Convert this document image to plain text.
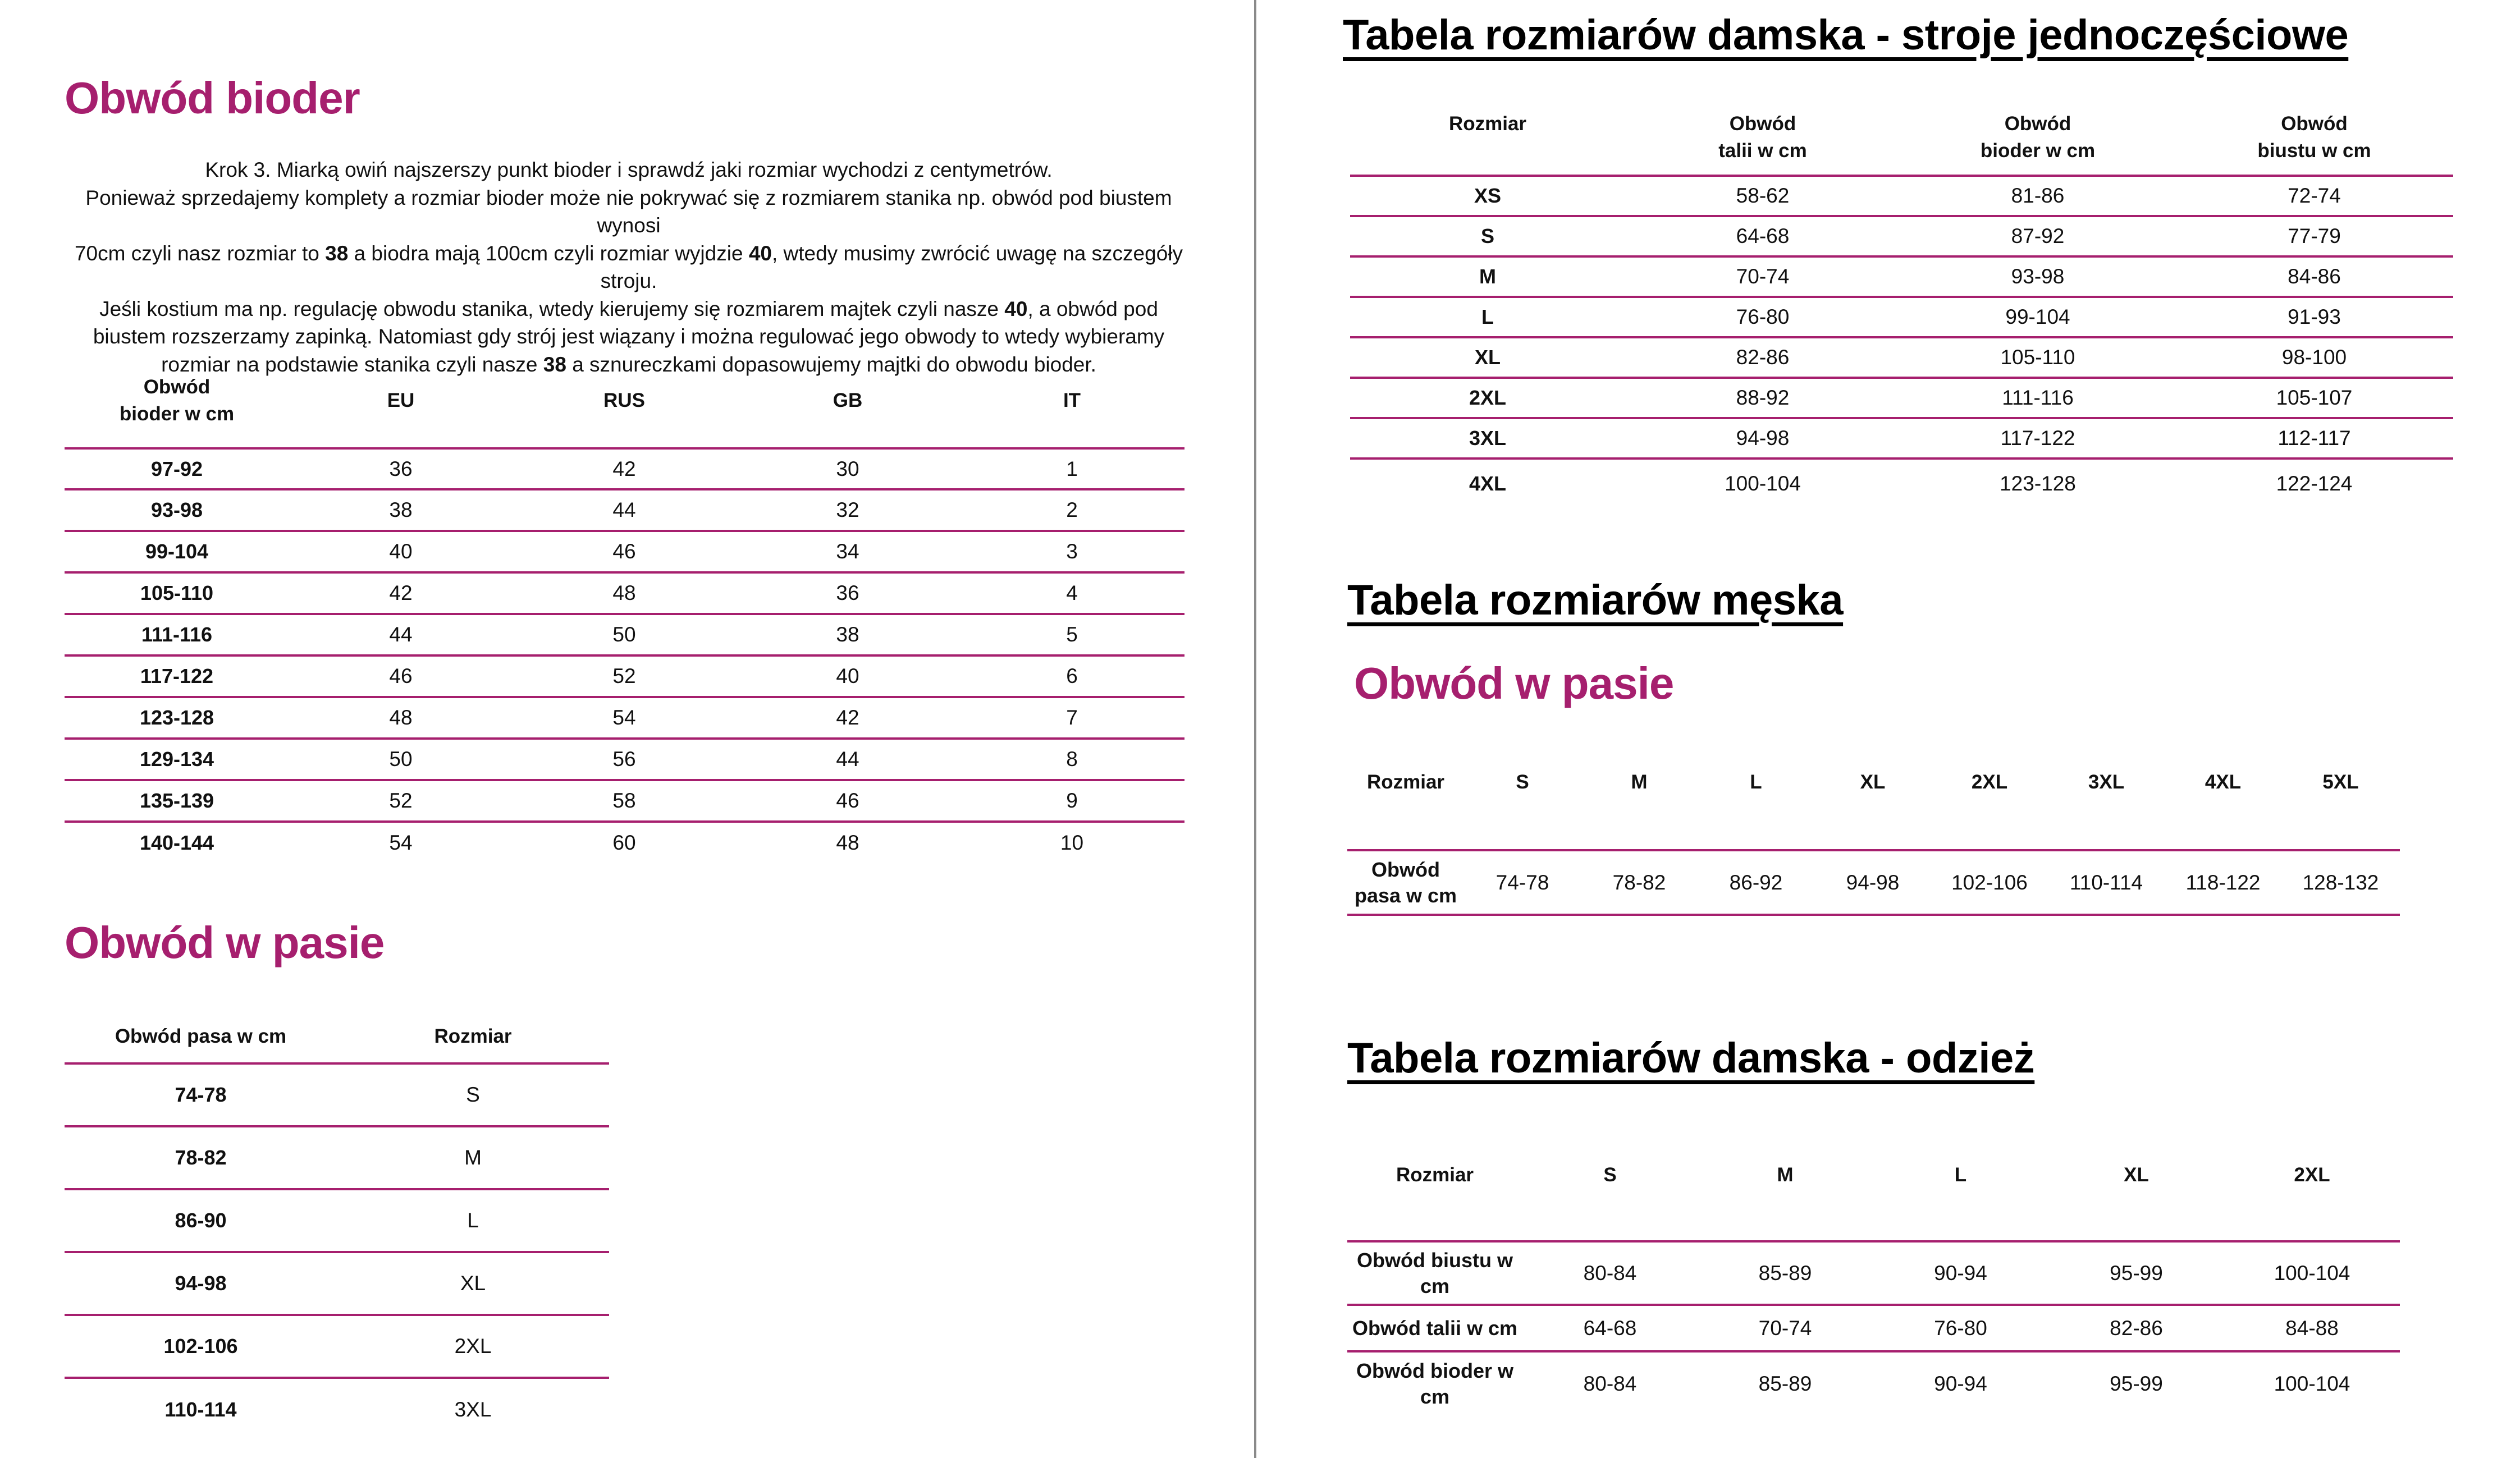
Obwód bioder
Krok 3. Miarką owiń najszerszy punkt bioder i sprawdź jaki rozmiar wychodzi z centymetrów.
Ponieważ sprzedajemy komplety a rozmiar bioder może nie pokrywać się z rozmiarem stanika np. obwód pod biustem wynosi
70cm czyli nasz rozmiar to 38 a biodra mają 100cm czyli rozmiar wyjdzie 40, wtedy musimy zwrócić uwagę na szczegóły stroju.
Jeśli kostium ma np. regulację obwodu stanika, wtedy kierujemy się rozmiarem majtek czyli nasze 40, a obwód pod
biustem rozszerzamy zapinką. Natomiast gdy strój jest wiązany i można regulować jego obwody to wtedy wybieramy
rozmiar na podstawie stanika czyli nasze 38 a sznureczkami dopasowujemy majtki do obwodu bioder.
Obwód
bioder w cm	EU	RUS	GB	IT
97-92	36	42	30	1
93-98	38	44	32	2
99-104	40	46	34	3
105-110	42	48	36	4
111-116	44	50	38	5
117-122	46	52	40	6
123-128	48	54	42	7
129-134	50	56	44	8
135-139	52	58	46	9
140-144	54	60	48	10
Obwód w pasie
Obwód pasa w cm	Rozmiar
74-78	S
78-82	M
86-90	L
94-98	XL
102-106	2XL
110-114	3XL
Tabela rozmiarów damska - stroje jednoczęściowe
Rozmiar	Obwód
talii w cm

Obwód
bioder w cm

Obwód
biustu w cm

XS	58-62	81-86	72-74
S	64-68	87-92	77-79
M	70-74	93-98	84-86
L	76-80	99-104	91-93
XL	82-86	105-110	98-100
2XL	88-92	111-116	105-107
3XL	94-98	117-122	112-117
4XL	100-104	123-128	122-124
Tabela rozmiarów męska
Obwód w pasie
Rozmiar	S	M	L	XL	2XL	3XL	4XL	5XL

Obwód
pasa w cm	74-78	78-82	86-92	94-98	102-106	110-114	118-122	128-132
Tabela rozmiarów damska - odzież
Rozmiar	S	M	L	XL	2XL

Obwód biustu w
cm	80-84	85-89	90-94	95-99	100-104
Obwód talii w cm	64-68	70-74	76-80	82-86	84-88

Obwód bioder w
cm	80-84	85-89	90-94	95-99	100-104
